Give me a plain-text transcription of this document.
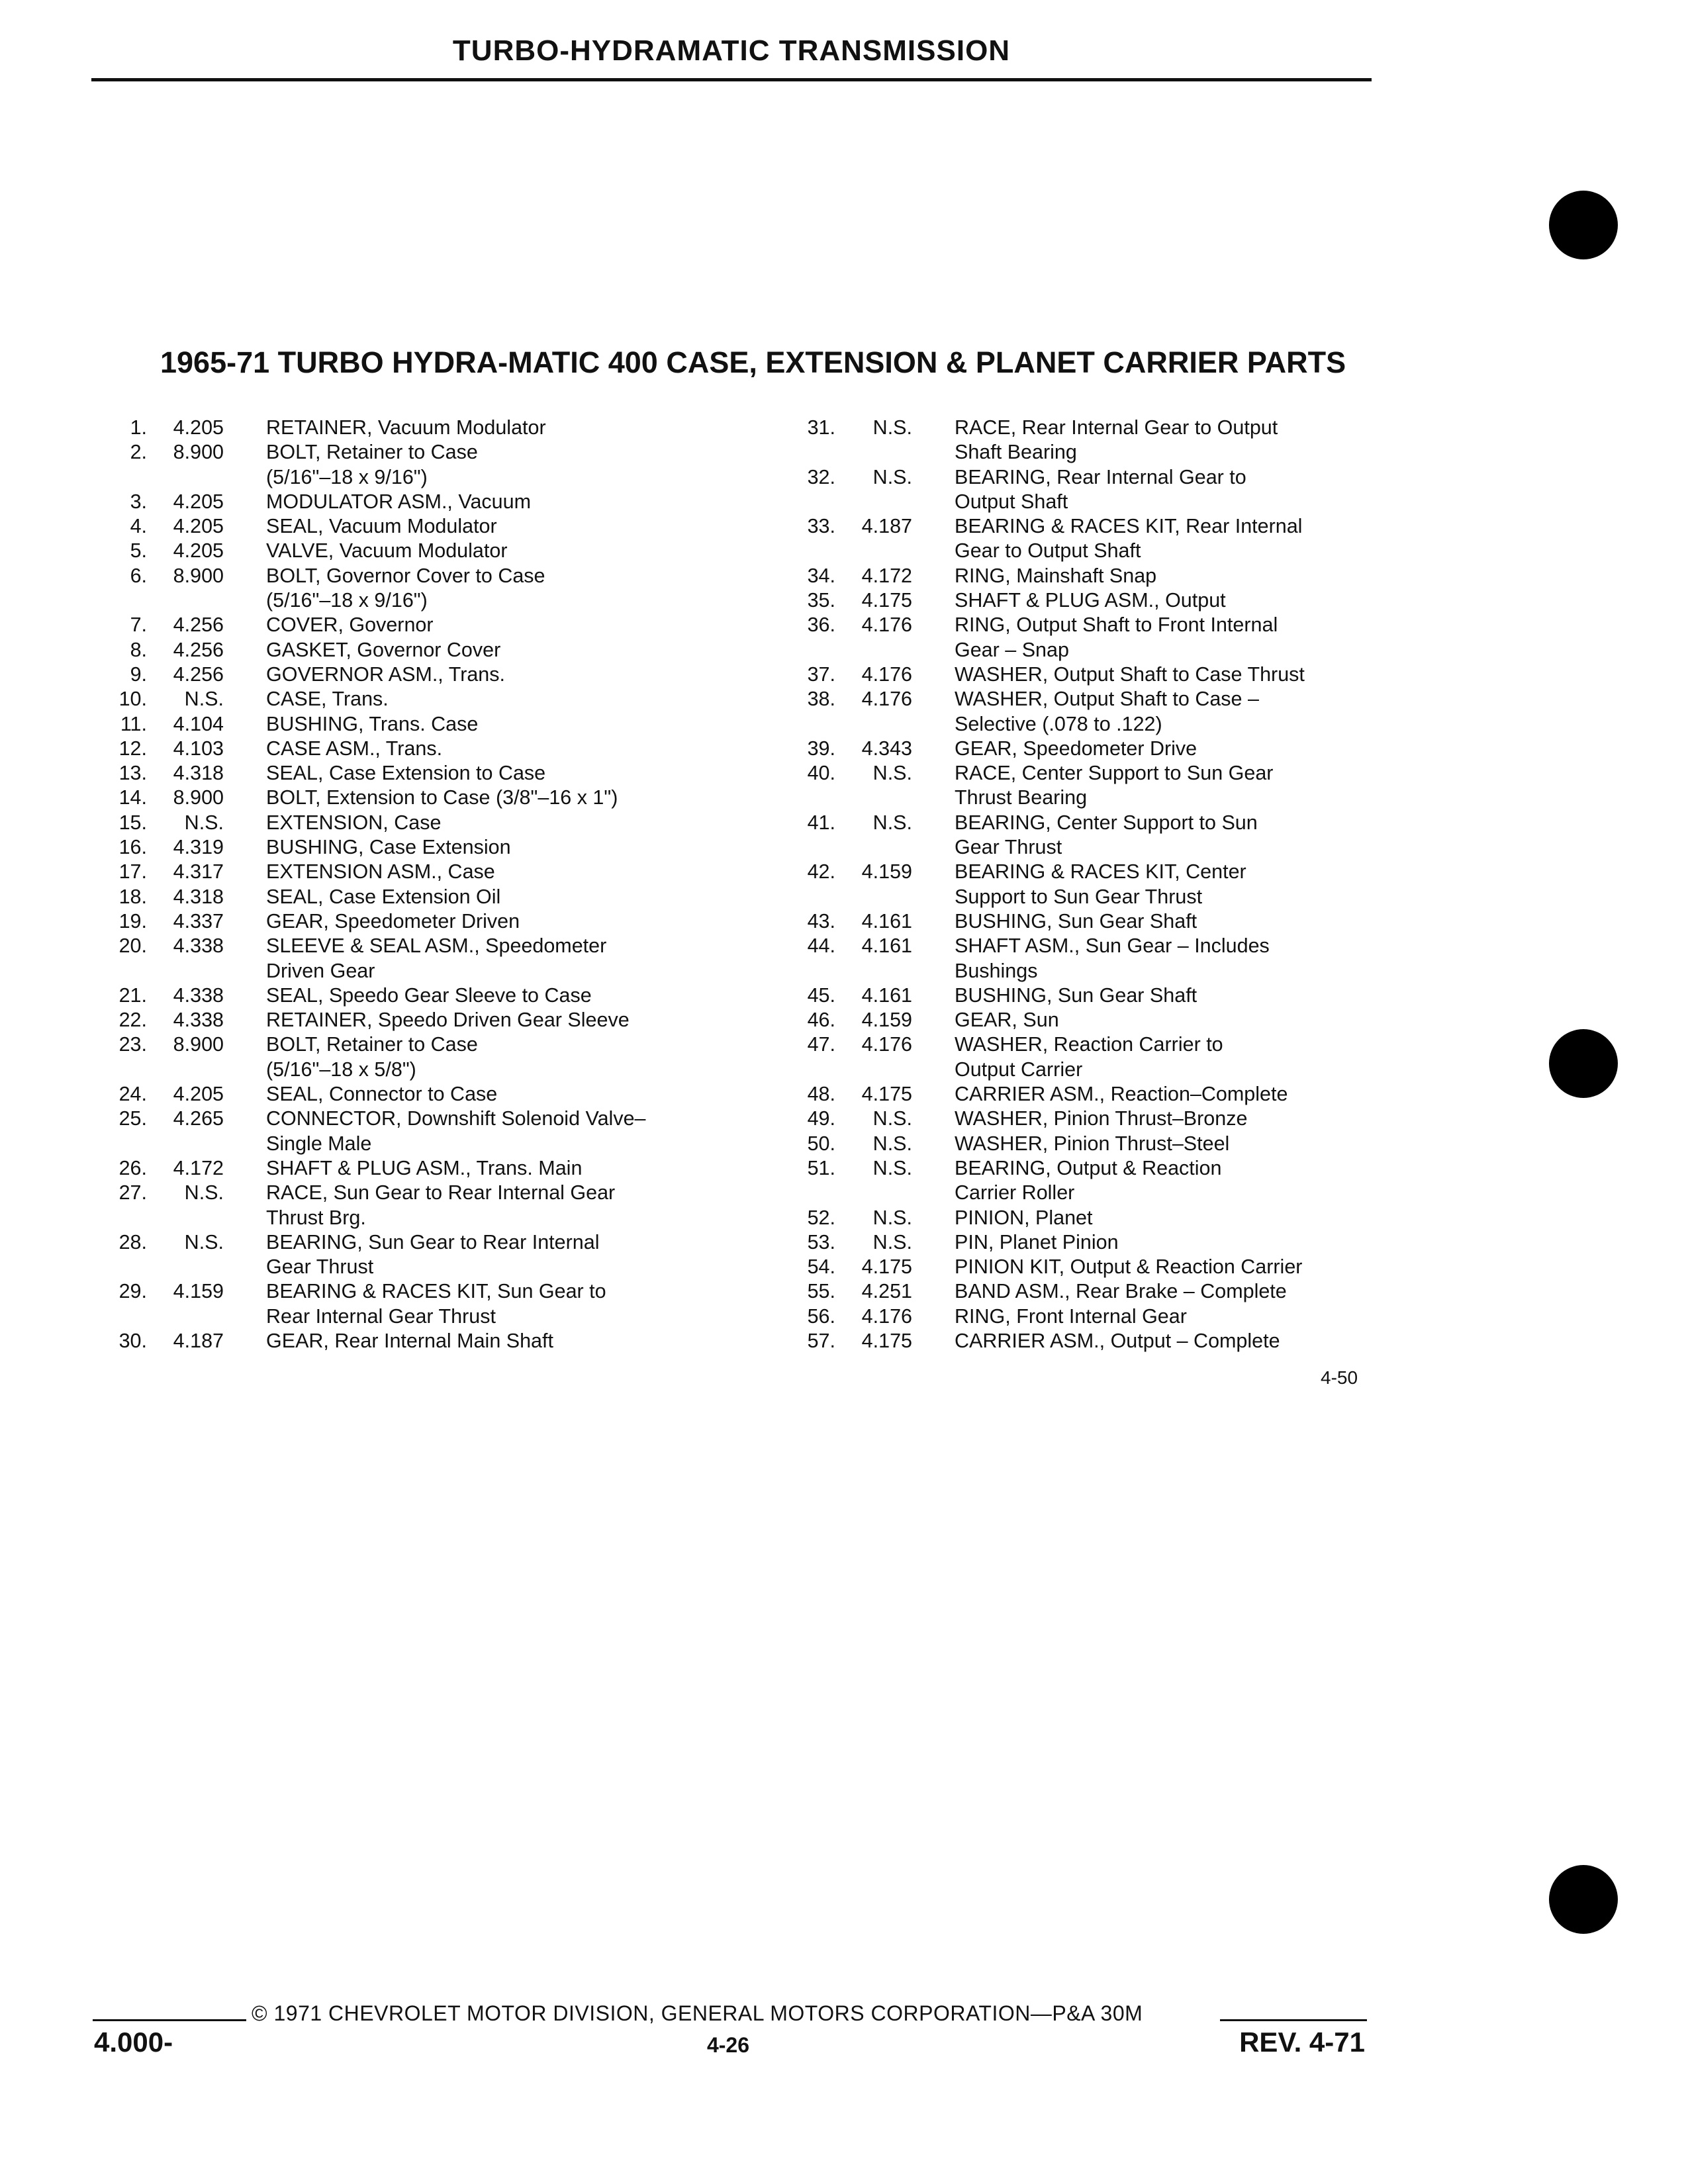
TURBO-HYDRAMATIC TRANSMISSION
1965-71 TURBO HYDRA-MATIC 400 CASE, EXTENSION & PLANET CARRIER PARTS
1.	4.205 RETAINER, Vacuum Modulator
2.	8.900 BOLT, Retainer to Case
(5/16"–18 x 9/16")
3.	4.205 MODULATOR ASM., Vacuum
4.	4.205 SEAL, Vacuum Modulator
5.	4.205 VALVE, Vacuum Modulator
6.	8.900 BOLT, Governor Cover to Case
(5/16"–18 x 9/16")
7.	4.256 COVER, Governor
8.	4.256 GASKET, Governor Cover
9.	4.256 GOVERNOR ASM., Trans.
10.	N.S. CASE, Trans.
11.	4.104 BUSHING, Trans. Case
12.	4.103 CASE ASM., Trans.
13.	4.318 SEAL, Case Extension to Case
14.	8.900 BOLT, Extension to Case (3/8"–16 x 1")
15.	N.S. EXTENSION, Case
16.	4.319 BUSHING, Case Extension
17.	4.317 EXTENSION ASM., Case
18.	4.318 SEAL, Case Extension Oil
19.	4.337 GEAR, Speedometer Driven
20.	4.338 SLEEVE & SEAL ASM., Speedometer
Driven Gear
21.	4.338 SEAL, Speedo Gear Sleeve to Case
22.	4.338 RETAINER, Speedo Driven Gear Sleeve
23.	8.900 BOLT, Retainer to Case
(5/16"–18 x 5/8")
24.	4.205 SEAL, Connector to Case
25.	4.265 CONNECTOR, Downshift Solenoid Valve–
Single Male
26.	4.172 SHAFT & PLUG ASM., Trans. Main
27.	N.S. RACE, Sun Gear to Rear Internal Gear
Thrust Brg.
28.	N.S. BEARING, Sun Gear to Rear Internal
Gear Thrust
29.	4.159 BEARING & RACES KIT, Sun Gear to
Rear Internal Gear Thrust
30.	4.187 GEAR, Rear Internal Main Shaft
31.	N.S. RACE, Rear Internal Gear to Output
Shaft Bearing
32.	N.S. BEARING, Rear Internal Gear to
Output Shaft
33.	4.187 BEARING & RACES KIT, Rear Internal
Gear to Output Shaft
34.	4.172 RING, Mainshaft Snap
35.	4.175 SHAFT & PLUG ASM., Output
36.	4.176 RING, Output Shaft to Front Internal
Gear – Snap
37.	4.176 WASHER, Output Shaft to Case Thrust
38.	4.176 WASHER, Output Shaft to Case –
Selective (.078 to .122)
39.	4.343 GEAR, Speedometer Drive
40.	N.S. RACE, Center Support to Sun Gear
Thrust Bearing
41.	N.S. BEARING, Center Support to Sun
Gear Thrust
42.	4.159 BEARING & RACES KIT, Center
Support to Sun Gear Thrust
43.	4.161 BUSHING, Sun Gear Shaft
44.	4.161 SHAFT ASM., Sun Gear – Includes
Bushings
45.	4.161 BUSHING, Sun Gear Shaft
46.	4.159 GEAR, Sun
47.	4.176 WASHER, Reaction Carrier to
Output Carrier
48.	4.175 CARRIER ASM., Reaction–Complete
49.	N.S. WASHER, Pinion Thrust–Bronze
50.	N.S. WASHER, Pinion Thrust–Steel
51.	N.S. BEARING, Output & Reaction
Carrier Roller
52.	N.S. PINION, Planet
53.	N.S. PIN, Planet Pinion
54.	4.175 PINION KIT, Output & Reaction Carrier
55.	4.251 BAND ASM., Rear Brake – Complete
56.	4.176 RING, Front Internal Gear
57.	4.175 CARRIER ASM., Output – Complete
4-50
© 1971 CHEVROLET MOTOR DIVISION, GENERAL MOTORS CORPORATION—P&A 30M
4.000-	4-26	REV. 4-71
